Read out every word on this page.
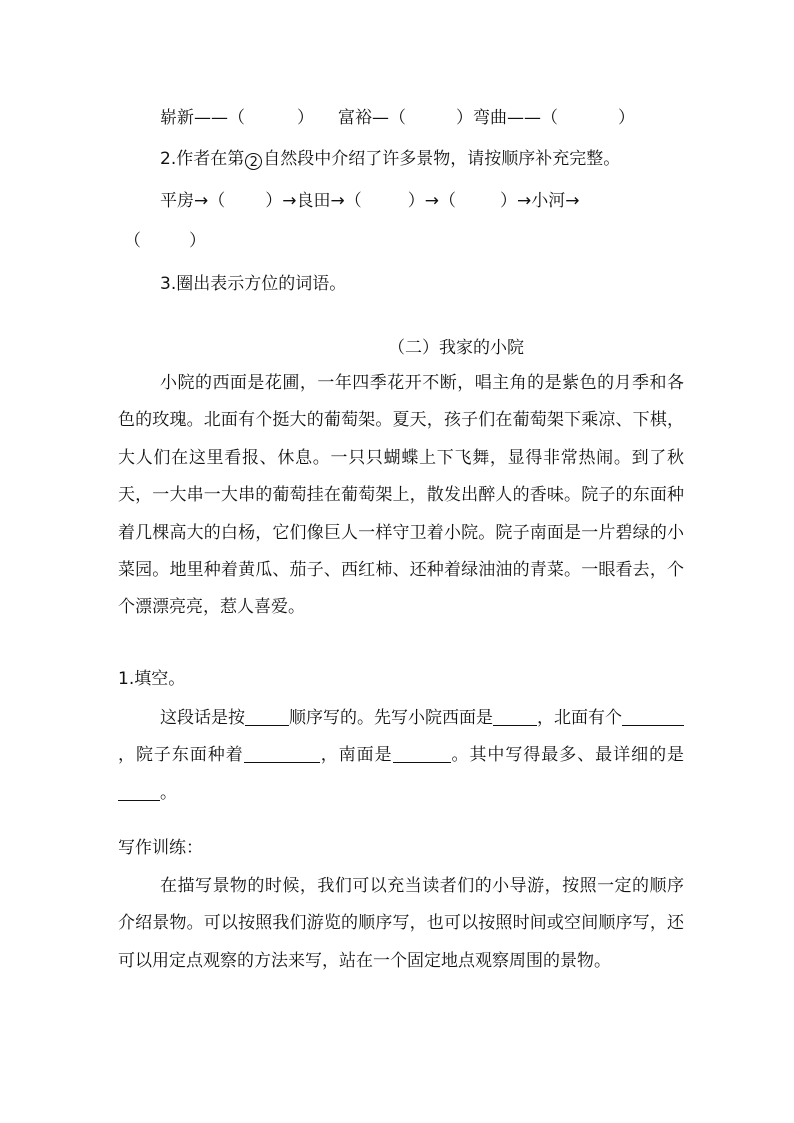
崭新——（	） 富裕—（	）弯曲——（	）
2.作者在第 2 自然段中介绍了许多景物，请按顺序补充完整。
平房→（ ）→良田→（	）→（	）→小河→
（	）
3.圈出表示方位的词语。
（二）我家的小院

小院的西面是花圃，一年四季花开不断，唱主角的是紫色的月季和各色的玫瑰。北面有个挺大的葡萄架。夏天，孩子们在葡萄架下乘凉、下棋，大人们在这里看报、休息。一只只蝴蝶上下飞舞，显得非常热闹。到了秋天，一大串一大串的葡萄挂在葡萄架上，散发出醉人的香味。院子的东面种着几棵高大的白杨，它们像巨人一样守卫着小院。院子南面是一片碧绿的小菜园。地里种着黄瓜、茄子、西红柿、还种着绿油油的青菜。一眼看去，个个漂漂亮亮，惹人喜爱。

1.填空。

这段话是按	顺序写的。先写小院西面是	，北面有个，院子东面种着	，南面是	。其中写得最多、最详细的是。

写作训练：

在描写景物的时候，我们可以充当读者们的小导游，按照一定的顺序介绍景物。可以按照我们游览的顺序写，也可以按照时间或空间顺序写，还可以用定点观察的方法来写，站在一个固定地点观察周围的景物。
